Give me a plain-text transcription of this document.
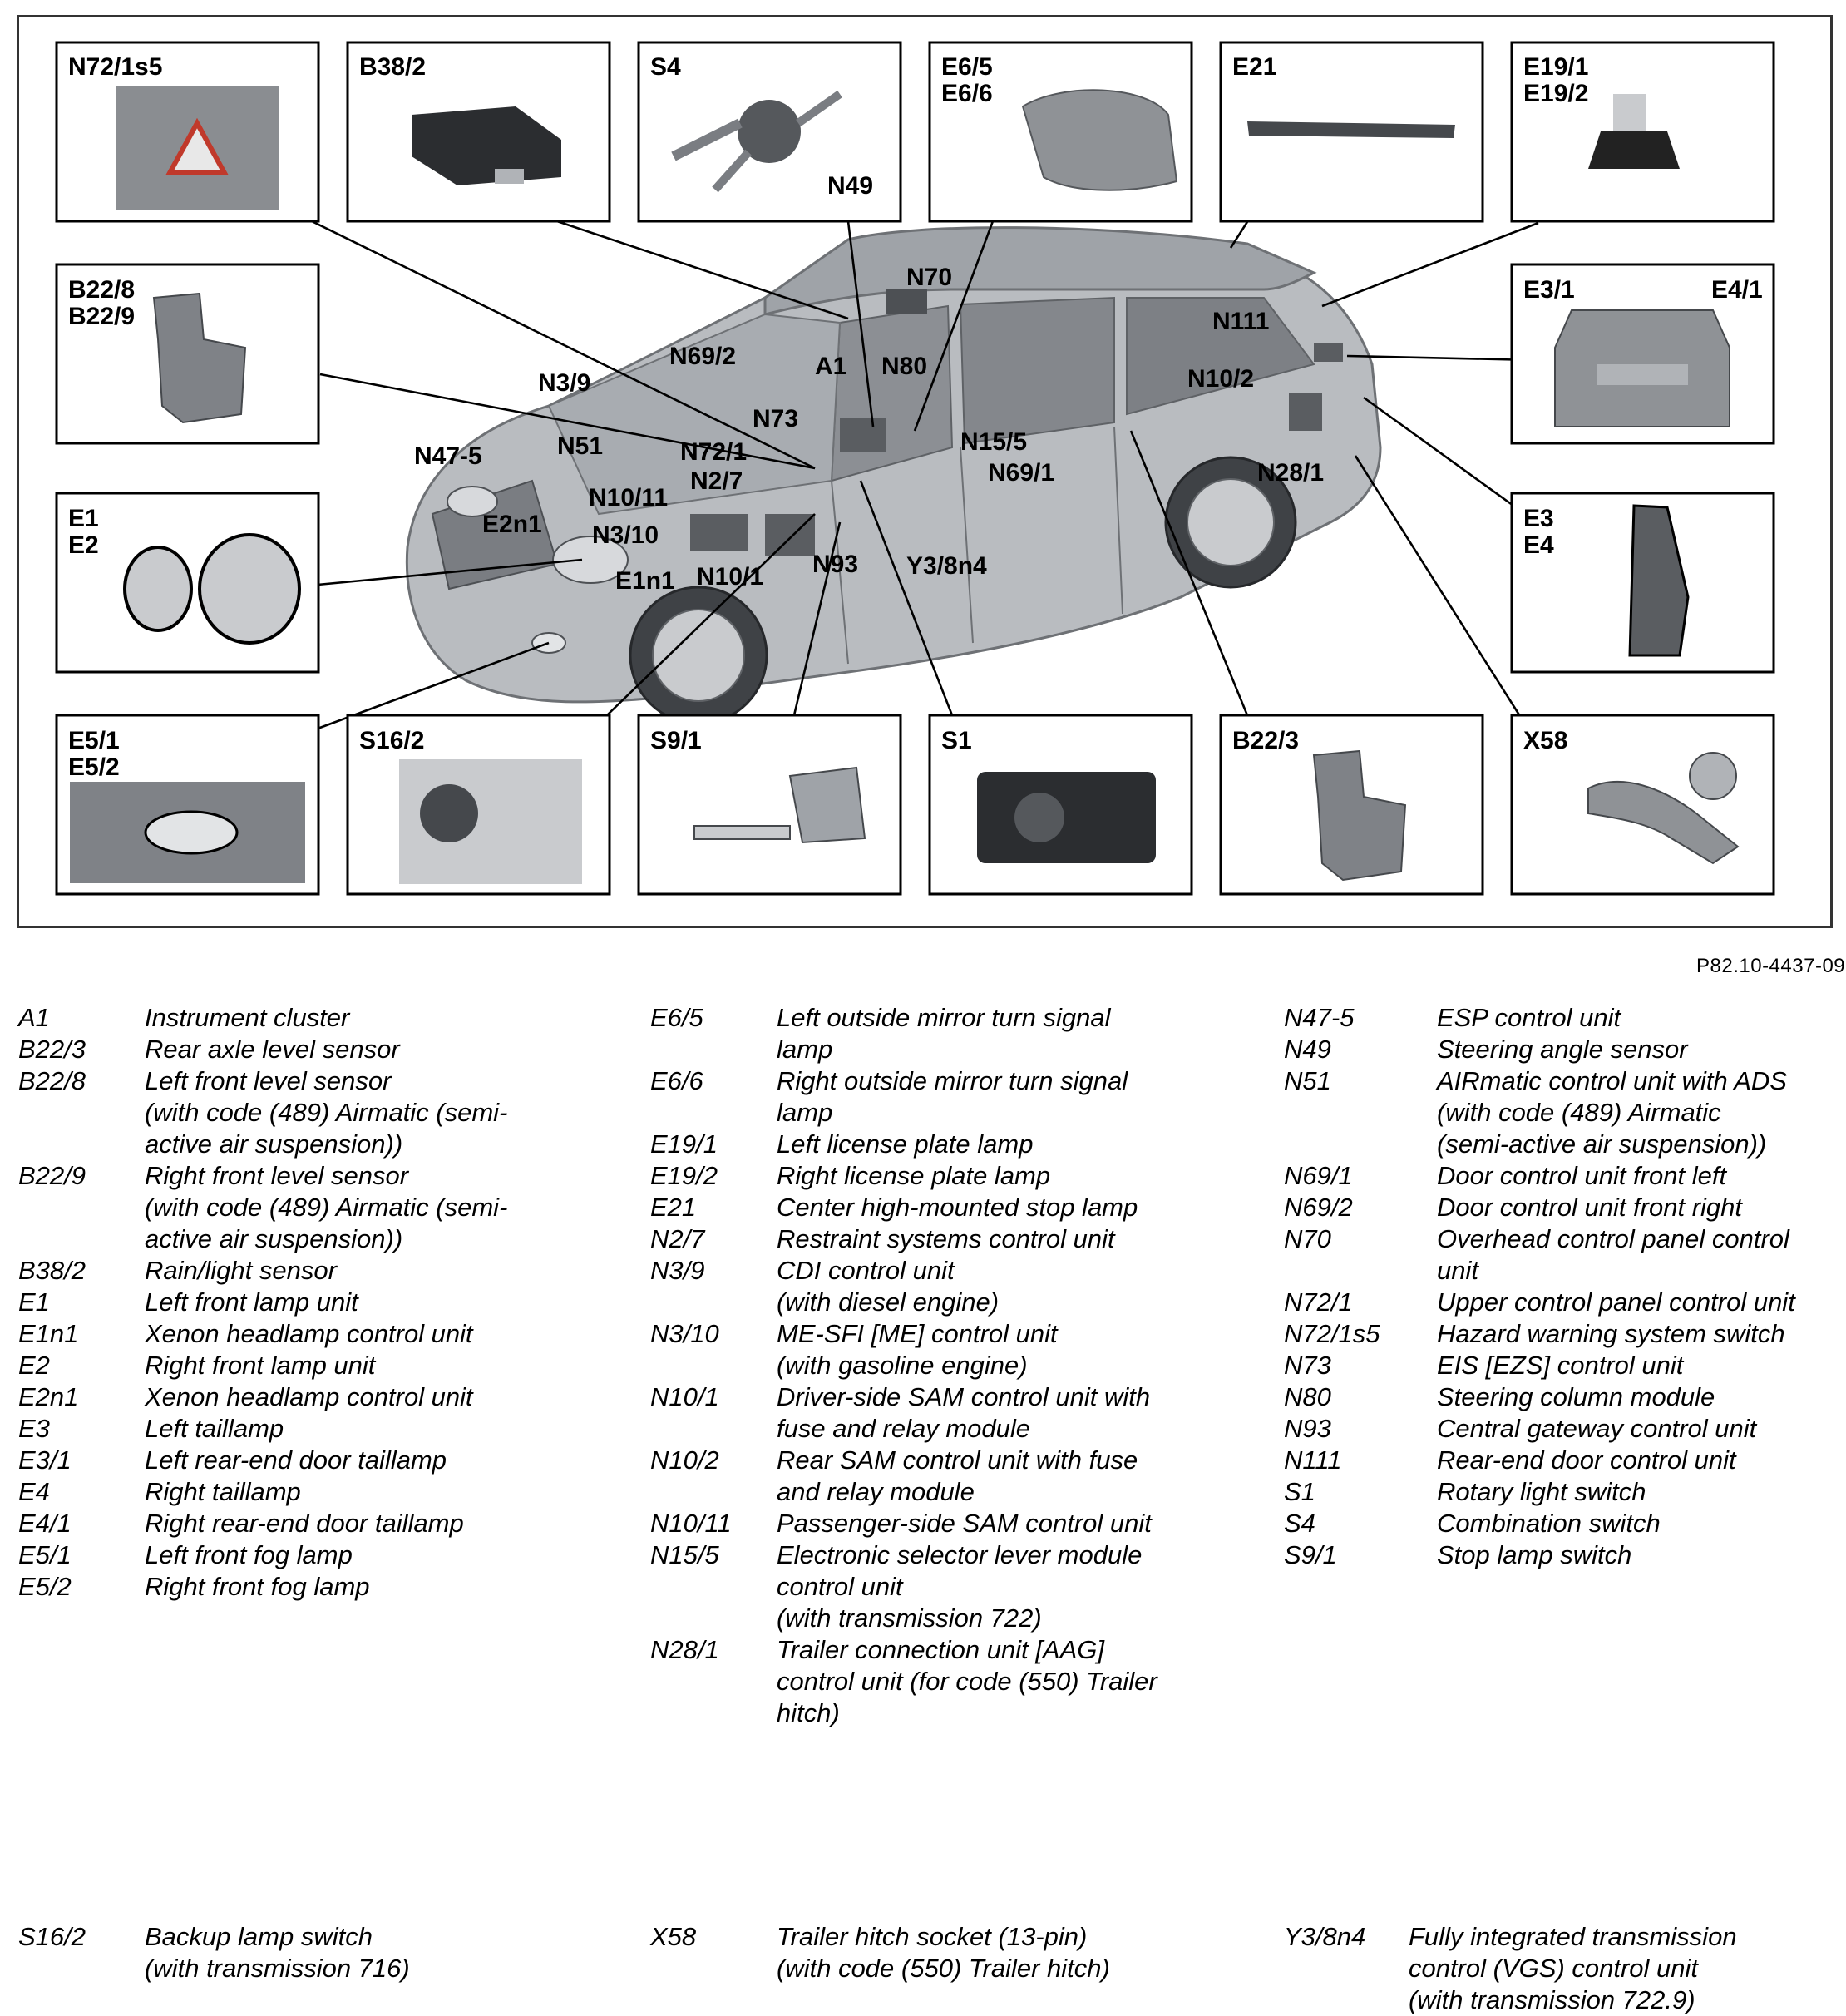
N72/1s5	B38/2	S4
N49
E6/5
E6/6
E21	E19/1
E19/2
B22/8
B22/9
E3/1	E4/1
E1
E2
E3
E4
E5/1
E5/2
S16/2	S9/1	S1	B22/3	X58
N70
N111
N69/2	A1 N80
N3/9	N10/2
N73
N47-5	N51	N72/1	N15/5
N2/7	N69/1	N28/1
N10/11
E2n1 N3/10
N93 Y3/8n4
E1n1 N10/1
P82.10-4437-09
A1	Instrument cluster
B22/3 Rear axle level sensor
B22/8 Left front level sensor
(with code (489) Airmatic (semi-
active air suspension))
B22/9 Right front level sensor
(with code (489) Airmatic (semi-
active air suspension))
B38/2 Rain/light sensor
E1	Left front lamp unit
E1n1	Xenon headlamp control unit
E2	Right front lamp unit
E2n1	Xenon headlamp control unit
E3	Left taillamp
E3/1	Left rear-end door taillamp
E4	Right taillamp
E4/1	Right rear-end door taillamp
E5/1	Left front fog lamp
E5/2	Right front fog lamp
E6/5	Left outside mirror turn signal
lamp
E6/6	Right outside mirror turn signal
lamp
E19/1 Left license plate lamp
E19/2 Right license plate lamp
E21	Center high-mounted stop lamp
N2/7	Restraint systems control unit
N3/9	CDI control unit
(with diesel engine)
N3/10 ME-SFI [ME] control unit
(with gasoline engine)
N10/1 Driver-side SAM control unit with
fuse and relay module
N10/2 Rear SAM control unit with fuse
and relay module
N10/11 Passenger-side SAM control unit
N15/5 Electronic selector lever module
control unit
(with transmission 722)
N28/1 Trailer connection unit [AAG]
control unit (for code (550) Trailer
hitch)
N47-5	ESP control unit
N49	Steering angle sensor
N51	AIRmatic control unit with ADS
(with code (489) Airmatic
(semi-active air suspension))
N69/1	Door control unit front left
N69/2	Door control unit front right
N70	Overhead control panel control
unit
N72/1	Upper control panel control unit
N72/1s5 Hazard warning system switch
N73	EIS [EZS] control unit
N80	Steering column module
N93	Central gateway control unit
N111	Rear-end door control unit
S1	Rotary light switch
S4	Combination switch
S9/1	Stop lamp switch
S16/2 Backup lamp switch
(with transmission 716)
X58	Trailer hitch socket (13-pin)
(with code (550) Trailer hitch)
Y3/8n4 Fully integrated transmission
control (VGS) control unit
(with transmission 722.9)
